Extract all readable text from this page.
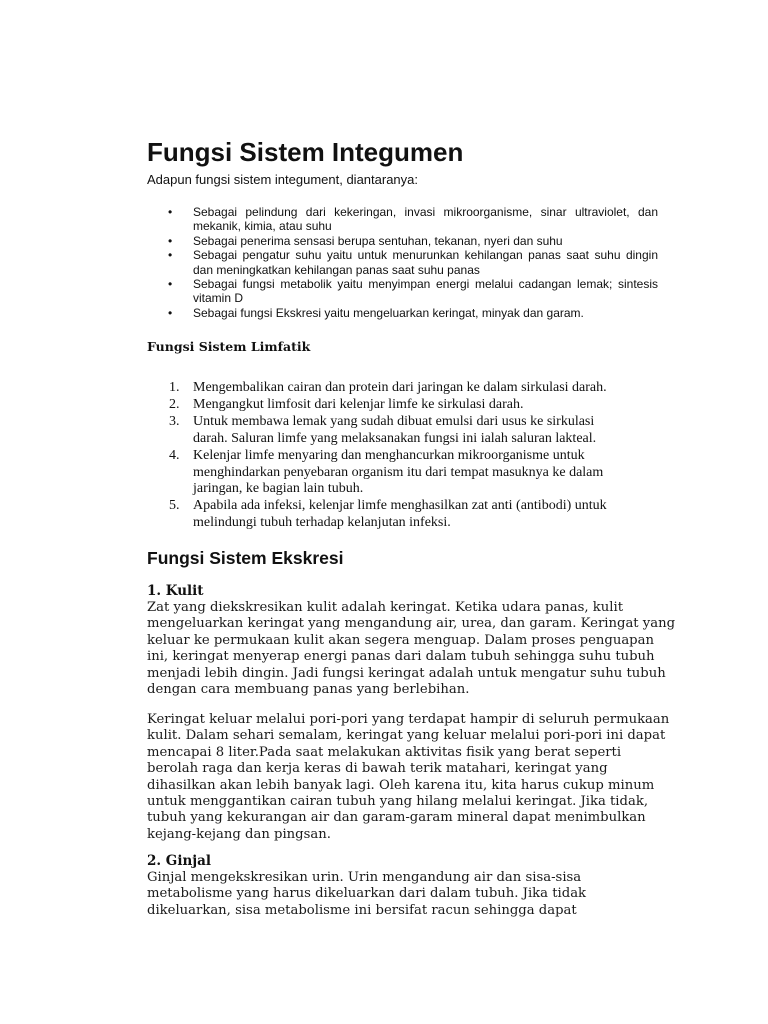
Fungsi Sistem Integumen

Adapun fungsi sistem integument, diantaranya:

• Sebagai pelindung dari kekeringan, invasi mikroorganisme, sinar ultraviolet, dan mekanik, kimia, atau suhu
• Sebagai penerima sensasi berupa sentuhan, tekanan, nyeri dan suhu
• Sebagai pengatur suhu yaitu untuk menurunkan kehilangan panas saat suhu dingin dan meningkatkan kehilangan panas saat suhu panas
• Sebagai fungsi metabolik yaitu menyimpan energi melalui cadangan lemak; sintesis vitamin D
• Sebagai fungsi Ekskresi yaitu mengeluarkan keringat, minyak dan garam.
Fungsi Sistem Limfatik
1. Mengembalikan cairan dan protein dari jaringan ke dalam sirkulasi darah.
2. Mengangkut limfosit dari kelenjar limfe ke sirkulasi darah.
3. Untuk membawa lemak yang sudah dibuat emulsi dari usus ke sirkulasi
darah. Saluran limfe yang melaksanakan fungsi ini ialah saluran lakteal.
4. Kelenjar limfe menyaring dan menghancurkan mikroorganisme untuk
menghindarkan penyebaran organism itu dari tempat masuknya ke dalam
jaringan, ke bagian lain tubuh.
5. Apabila ada infeksi, kelenjar limfe menghasilkan zat anti (antibodi) untuk
melindungi tubuh terhadap kelanjutan infeksi.
Fungsi Sistem Ekskresi
1. Kulit

Zat yang diekskresikan kulit adalah keringat. Ketika udara panas, kulit
mengeluarkan keringat yang mengandung air, urea, dan garam. Keringat yang
keluar ke permukaan kulit akan segera menguap. Dalam proses penguapan
ini, keringat menyerap energi panas dari dalam tubuh sehingga suhu tubuh
menjadi lebih dingin. Jadi fungsi keringat adalah untuk mengatur suhu tubuh
dengan cara membuang panas yang berlebihan.

Keringat keluar melalui pori-pori yang terdapat hampir di seluruh permukaan
kulit. Dalam sehari semalam, keringat yang keluar melalui pori-pori ini dapat
mencapai 8 liter.Pada saat melakukan aktivitas fisik yang berat seperti
berolah raga dan kerja keras di bawah terik matahari, keringat yang
dihasilkan akan lebih banyak lagi. Oleh karena itu, kita harus cukup minum
untuk menggantikan cairan tubuh yang hilang melalui keringat. Jika tidak,
tubuh yang kekurangan air dan garam-garam mineral dapat menimbulkan
kejang-kejang dan pingsan.

2. Ginjal

Ginjal mengekskresikan urin. Urin mengandung air dan sisa-sisa
metabolisme yang harus dikeluarkan dari dalam tubuh. Jika tidak
dikeluarkan, sisa metabolisme ini bersifat racun sehingga dapat
